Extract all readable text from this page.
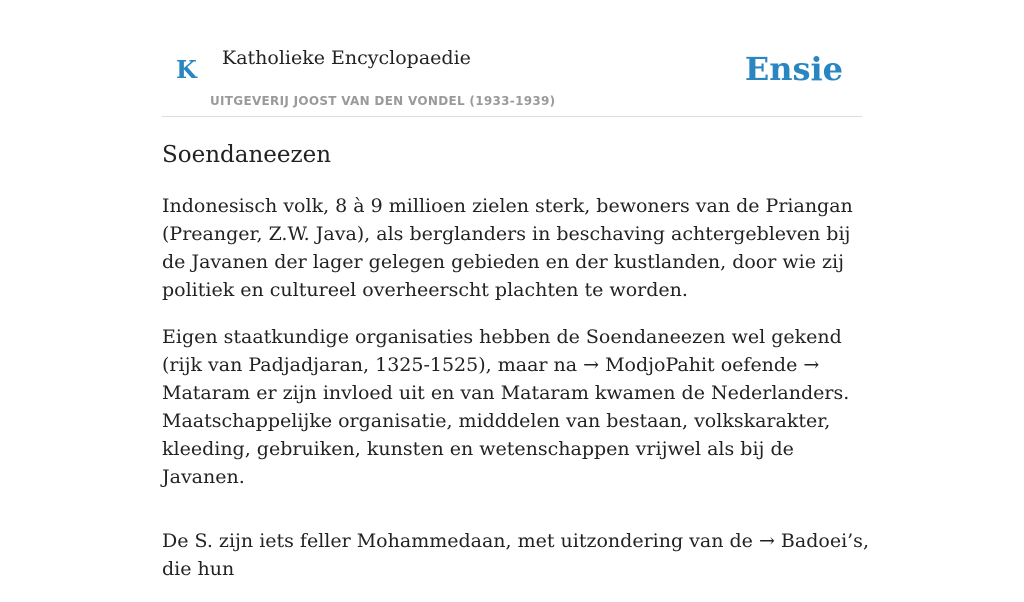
K Katholieke Encyclopaedie
UITGEVERIJ JOOST VAN DEN VONDEL (1933-1939)
Ensie
Soendaneezen

Indonesisch volk, 8 à 9 millioen zielen sterk, bewoners van de Priangan (Preanger, Z.W. Java), als berglanders in beschaving achtergebleven bij de Javanen der lager gelegen gebieden en der kustlanden, door wie zij politiek en cultureel overheerscht plachten te worden.

Eigen staatkundige organisaties hebben de Soendaneezen wel gekend (rijk van Padjadjaran, 1325-1525), maar na → ModjoPahit oefende → Mataram er zijn invloed uit en van Mataram kwamen de Nederlanders. Maatschappelijke organisatie, midddelen van bestaan, volkskarakter, kleeding, gebruiken, kunsten en wetenschappen vrijwel als bij de Javanen.

De S. zijn iets feller Mohammedaan, met uitzondering van de → Badoei’s, die hun
